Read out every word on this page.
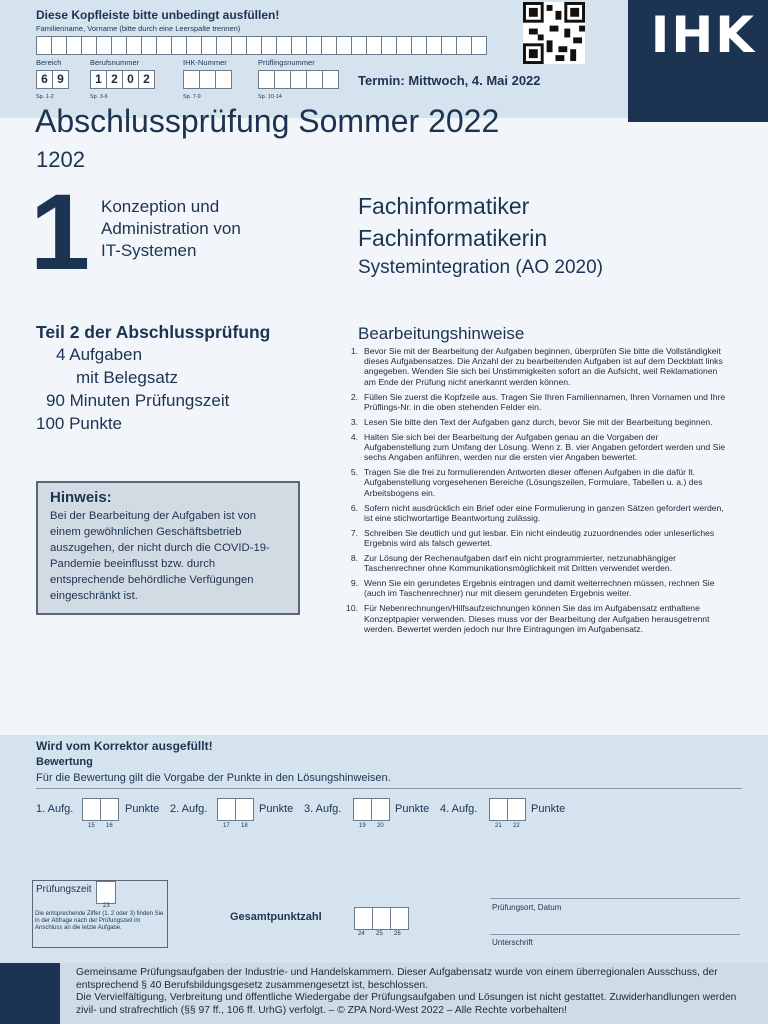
IHK
Diese Kopfleiste bitte unbedingt ausfüllen!
Familienname, Vorname (bitte durch eine Leerspalte trennen)
Bereich	Berufsnummer	IHK-Nummer	Prüflingsnummer
6 9	1 2 0 2
Sp. 1-2	Sp. 3-6	Sp. 7-9	Sp. 10-14
Termin: Mittwoch, 4. Mai 2022
Abschlussprüfung Sommer 2022
1202
1 Konzeption und
Administration von
IT-Systemen
Fachinformatiker
Fachinformatikerin
Systemintegration (AO 2020)
Teil 2 der Abschlussprüfung
4 Aufgaben
mit Belegsatz
90 Minuten Prüfungszeit
100 Punkte
Hinweis:
Bei der Bearbeitung der Aufgaben ist von einem gewöhnlichen Geschäftsbetrieb auszugehen, der nicht durch die COVID-19-Pandemie beeinflusst bzw. durch entsprechende behördliche Verfügungen eingeschränkt ist.
Bearbeitungshinweise
1. Bevor Sie mit der Bearbeitung der Aufgaben beginnen, überprüfen Sie bitte die Vollständigkeit dieses Aufgabensatzes. Die Anzahl der zu bearbeitenden Aufgaben ist auf dem Deckblatt links angegeben. Wenden Sie sich bei Unstimmigkeiten sofort an die Aufsicht, weil Reklamationen am Ende der Prüfung nicht anerkannt werden können.
2. Füllen Sie zuerst die Kopfzeile aus. Tragen Sie Ihren Familiennamen, Ihren Vornamen und Ihre Prüflings-Nr. in die oben stehenden Felder ein.
3. Lesen Sie bitte den Text der Aufgaben ganz durch, bevor Sie mit der Bearbeitung beginnen.
4. Halten Sie sich bei der Bearbeitung der Aufgaben genau an die Vorgaben der Aufgabenstellung zum Umfang der Lösung. Wenn z. B. vier Angaben gefordert werden und Sie sechs Angaben anführen, werden nur die ersten vier Angaben bewertet.
5. Tragen Sie die frei zu formulierenden Antworten dieser offenen Aufgaben in die dafür lt. Aufgabenstellung vorgesehenen Bereiche (Lösungszeilen, Formulare, Tabellen u. a.) des Arbeitsbogens ein.
6. Sofern nicht ausdrücklich ein Brief oder eine Formulierung in ganzen Sätzen gefordert werden, ist eine stichwortartige Beantwortung zulässig.
7. Schreiben Sie deutlich und gut lesbar. Ein nicht eindeutig zuzuordnendes oder unleserliches Ergebnis wird als falsch gewertet.
8. Zur Lösung der Rechenaufgaben darf ein nicht programmierter, netzunabhängiger Taschenrechner ohne Kommunikationsmöglichkeit mit Dritten verwendet werden.
9. Wenn Sie ein gerundetes Ergebnis eintragen und damit weiterrechnen müssen, rechnen Sie (auch im Taschenrechner) nur mit diesem gerundeten Ergebnis weiter.
10. Für Nebenrechnungen/Hilfsaufzeichnungen können Sie das im Aufgabensatz enthaltene Konzeptpapier verwenden. Dieses muss vor der Bearbeitung der Aufgaben herausgetrennt werden. Bewertet werden jedoch nur Ihre Eintragungen im Aufgabensatz.
Wird vom Korrektor ausgefüllt!
Bewertung
Für die Bewertung gilt die Vorgabe der Punkte in den Lösungshinweisen.
1. Aufg.	Punkte
15 16
2. Aufg.	Punkte
17 18
3. Aufg.	Punkte
19 20
4. Aufg.	Punkte
21 22
Prüfungszeit
23
Die entsprechende Ziffer (1, 2 oder 3) finden Sie in der Abfrage nach der Prüfungszeit im Anschluss an die letzte Aufgabe.
Gesamtpunktzahl
24 25 26
Prüfungsort, Datum
Unterschrift
Gemeinsame Prüfungsaufgaben der Industrie- und Handelskammern. Dieser Aufgabensatz wurde von einem überregionalen Ausschuss, der entsprechend § 40 Berufsbildungsgesetz zusammengesetzt ist, beschlossen.
Die Vervielfältigung, Verbreitung und öffentliche Wiedergabe der Prüfungsaufgaben und Lösungen ist nicht gestattet. Zuwiderhandlungen werden zivil- und strafrechtlich (§§ 97 ff., 106 ff. UrhG) verfolgt. – © ZPA Nord-West 2022 – Alle Rechte vorbehalten!
